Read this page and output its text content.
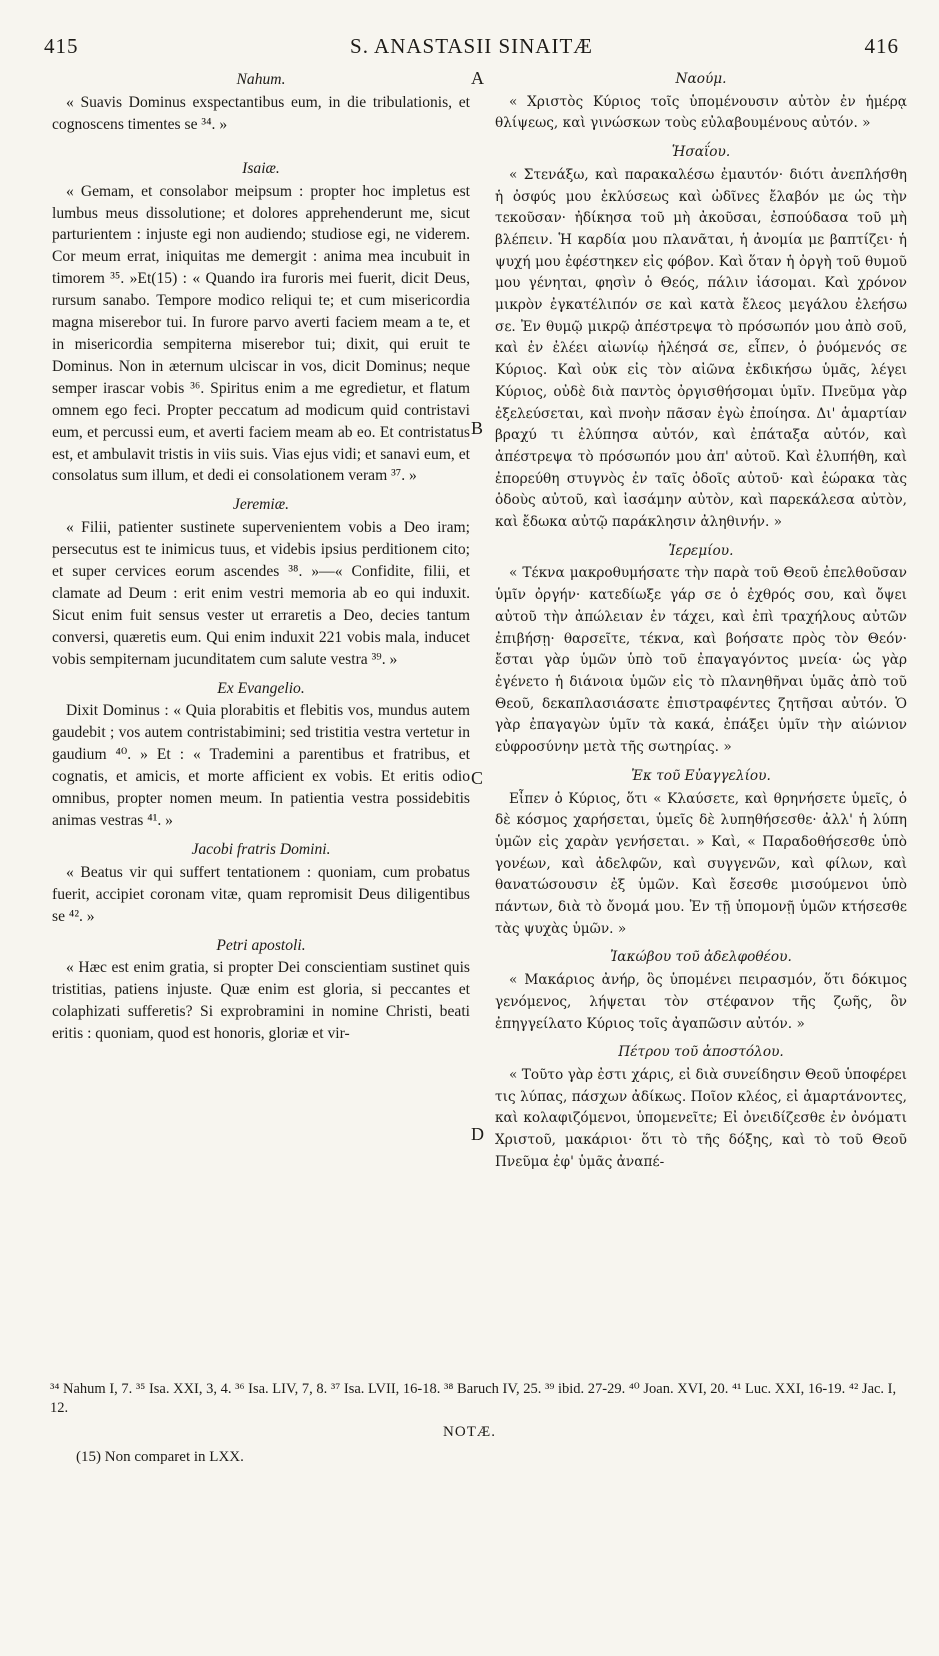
415	S. ANASTASII SINAITÆ	416
A
B
C
D
Nahum.

« Suavis Dominus exspectantibus eum, in die tribulationis, et cognoscens timentes se ³⁴. »

Isaiæ.

« Gemam, et consolabor meipsum : propter hoc impletus est lumbus meus dissolutione; et dolores apprehenderunt me, sicut parturientem : injuste egi non audiendo; studiose egi, ne viderem. Cor meum errat, iniquitas me demergit : anima mea incubuit in timorem ³⁵. »Et(15) : « Quando ira furoris mei fuerit, dicit Deus, rursum sanabo. Tempore modico reliqui te; et cum misericordia magna miserebor tui. In furore parvo averti faciem meam a te, et in misericordia sempiterna miserebor tui; dixit, qui eruit te Dominus. Non in æternum ulciscar in vos, dicit Dominus; neque semper irascar vobis ³⁶. Spiritus enim a me egredietur, et flatum omnem ego feci. Propter peccatum ad modicum quid contristavi eum, et percussi eum, et averti faciem meam ab eo. Et contristatus est, et ambulavit tristis in viis suis. Vias ejus vidi; et sanavi eum, et consolatus sum illum, et dedi ei consolationem veram ³⁷. »

Jeremiæ.

« Filii, patienter sustinete supervenientem vobis a Deo iram; persecutus est te inimicus tuus, et videbis ipsius perditionem cito; et super cervices eorum ascendes ³⁸. »—« Confidite, filii, et clamate ad Deum : erit enim vestri memoria ab eo qui induxit. Sicut enim fuit sensus vester ut erraretis a Deo, decies tantum conversi, quæretis eum. Qui enim induxit 221 vobis mala, inducet vobis sempiternam jucunditatem cum salute vestra ³⁹. »

Ex Evangelio.

Dixit Dominus : « Quia plorabitis et flebitis vos, mundus autem gaudebit ; vos autem contristabimini; sed tristitia vestra vertetur in gaudium ⁴⁰. » Et : « Trademini a parentibus et fratribus, et cognatis, et amicis, et morte afficient ex vobis. Et eritis odio omnibus, propter nomen meum. In patientia vestra possidebitis animas vestras ⁴¹. »

Jacobi fratris Domini.

« Beatus vir qui suffert tentationem : quoniam, cum probatus fuerit, accipiet coronam vitæ, quam repromisit Deus diligentibus se ⁴². »

Petri apostoli.

« Hæc est enim gratia, si propter Dei conscientiam sustinet quis tristitias, patiens injuste. Quæ enim est gloria, si peccantes et colaphizati sufferetis? Si exprobramini in nomine Christi, beati eritis : quoniam, quod est honoris, gloriæ et vir-

Ναούμ.

« Χριστὸς Κύριος τοῖς ὑπομένουσιν αὐτὸν ἐν ἡμέρᾳ θλίψεως, καὶ γινώσκων τοὺς εὐλαβουμένους αὐτόν. »

Ἡσαΐου.

« Στενάξω, καὶ παρακαλέσω ἐμαυτόν· διότι ἀνεπλήσθη ἡ ὀσφύς μου ἐκλύσεως καὶ ὠδῖνες ἔλαβόν με ὡς τὴν τεκοῦσαν· ἠδίκησα τοῦ μὴ ἀκοῦσαι, ἐσπούδασα τοῦ μὴ βλέπειν. Ἡ καρδία μου πλανᾶται, ἡ ἀνομία με βαπτίζει· ἡ ψυχή μου ἐφέστηκεν εἰς φόβον. Καὶ ὅταν ἡ ὀργὴ τοῦ θυμοῦ μου γένηται, φησὶν ὁ Θεός, πάλιν ἰάσομαι. Καὶ χρόνον μικρὸν ἐγκατέλιπόν σε καὶ κατὰ ἔλεος μεγάλου ἐλεήσω σε. Ἐν θυμῷ μικρῷ ἀπέστρεψα τὸ πρόσωπόν μου ἀπὸ σοῦ, καὶ ἐν ἐλέει αἰωνίῳ ἠλέησά σε, εἶπεν, ὁ ῥυόμενός σε Κύριος. Καὶ οὐκ εἰς τὸν αἰῶνα ἐκδικήσω ὑμᾶς, λέγει Κύριος, οὐδὲ διὰ παντὸς ὀργισθήσομαι ὑμῖν. Πνεῦμα γὰρ ἐξελεύσεται, καὶ πνοὴν πᾶσαν ἐγὼ ἐποίησα. Δι' ἁμαρτίαν βραχύ τι ἐλύπησα αὐτόν, καὶ ἐπάταξα αὐτόν, καὶ ἀπέστρεψα τὸ πρόσωπόν μου ἀπ' αὐτοῦ. Καὶ ἐλυπήθη, καὶ ἐπορεύθη στυγνὸς ἐν ταῖς ὁδοῖς αὐτοῦ· καὶ ἑώρακα τὰς ὁδοὺς αὐτοῦ, καὶ ἰασάμην αὐτὸν, καὶ παρεκάλεσα αὐτὸν, καὶ ἔδωκα αὐτῷ παράκλησιν ἀληθινήν. »

Ἱερεμίου.

« Τέκνα μακροθυμήσατε τὴν παρὰ τοῦ Θεοῦ ἐπελθοῦσαν ὑμῖν ὀργήν· κατεδίωξε γάρ σε ὁ ἐχθρός σου, καὶ ὄψει αὐτοῦ τὴν ἀπώλειαν ἐν τάχει, καὶ ἐπὶ τραχήλους αὐτῶν ἐπιβήσῃ· θαρσεῖτε, τέκνα, καὶ βοήσατε πρὸς τὸν Θεόν· ἔσται γὰρ ὑμῶν ὑπὸ τοῦ ἐπαγαγόντος μνεία· ὡς γὰρ ἐγένετο ἡ διάνοια ὑμῶν εἰς τὸ πλανηθῆναι ὑμᾶς ἀπὸ τοῦ Θεοῦ, δεκαπλασιάσατε ἐπιστραφέντες ζητῆσαι αὐτόν. Ὁ γὰρ ἐπαγαγὼν ὑμῖν τὰ κακά, ἐπάξει ὑμῖν τὴν αἰώνιον εὐφροσύνην μετὰ τῆς σωτηρίας. »

Ἐκ τοῦ Εὐαγγελίου.

Εἶπεν ὁ Κύριος, ὅτι « Κλαύσετε, καὶ θρηνήσετε ὑμεῖς, ὁ δὲ κόσμος χαρήσεται, ὑμεῖς δὲ λυπηθήσεσθε· ἀλλ' ἡ λύπη ὑμῶν εἰς χαρὰν γενήσεται. » Καὶ, « Παραδοθήσεσθε ὑπὸ γονέων, καὶ ἀδελφῶν, καὶ συγγενῶν, καὶ φίλων, καὶ θανατώσουσιν ἐξ ὑμῶν. Καὶ ἔσεσθε μισούμενοι ὑπὸ πάντων, διὰ τὸ ὄνομά μου. Ἐν τῇ ὑπομονῇ ὑμῶν κτήσεσθε τὰς ψυχὰς ὑμῶν. »

Ἰακώβου τοῦ ἀδελφοθέου.

« Μακάριος ἀνήρ, ὃς ὑπομένει πειρασμόν, ὅτι δόκιμος γενόμενος, λήψεται τὸν στέφανον τῆς ζωῆς, ὃν ἐπηγγείλατο Κύριος τοῖς ἀγαπῶσιν αὐτόν. »

Πέτρου τοῦ ἀποστόλου.

« Τοῦτο γὰρ ἐστι χάρις, εἰ διὰ συνείδησιν Θεοῦ ὑποφέρει τις λύπας, πάσχων ἀδίκως. Ποῖον κλέος, εἰ ἁμαρτάνοντες, καὶ κολαφιζόμενοι, ὑπομενεῖτε; Εἰ ὀνειδίζεσθε ἐν ὀνόματι Χριστοῦ, μακάριοι· ὅτι τὸ τῆς δόξης, καὶ τὸ τοῦ Θεοῦ Πνεῦμα ἐφ' ὑμᾶς ἀναπέ-

³⁴ Nahum I, 7. ³⁵ Isa. XXI, 3, 4. ³⁶ Isa. LIV, 7, 8. ³⁷ Isa. LVII, 16-18. ³⁸ Baruch IV, 25. ³⁹ ibid. 27-29. ⁴⁰ Joan. XVI, 20. ⁴¹ Luc. XXI, 16-19. ⁴² Jac. I, 12.
NOTÆ.
(15) Non comparet in LXX.
